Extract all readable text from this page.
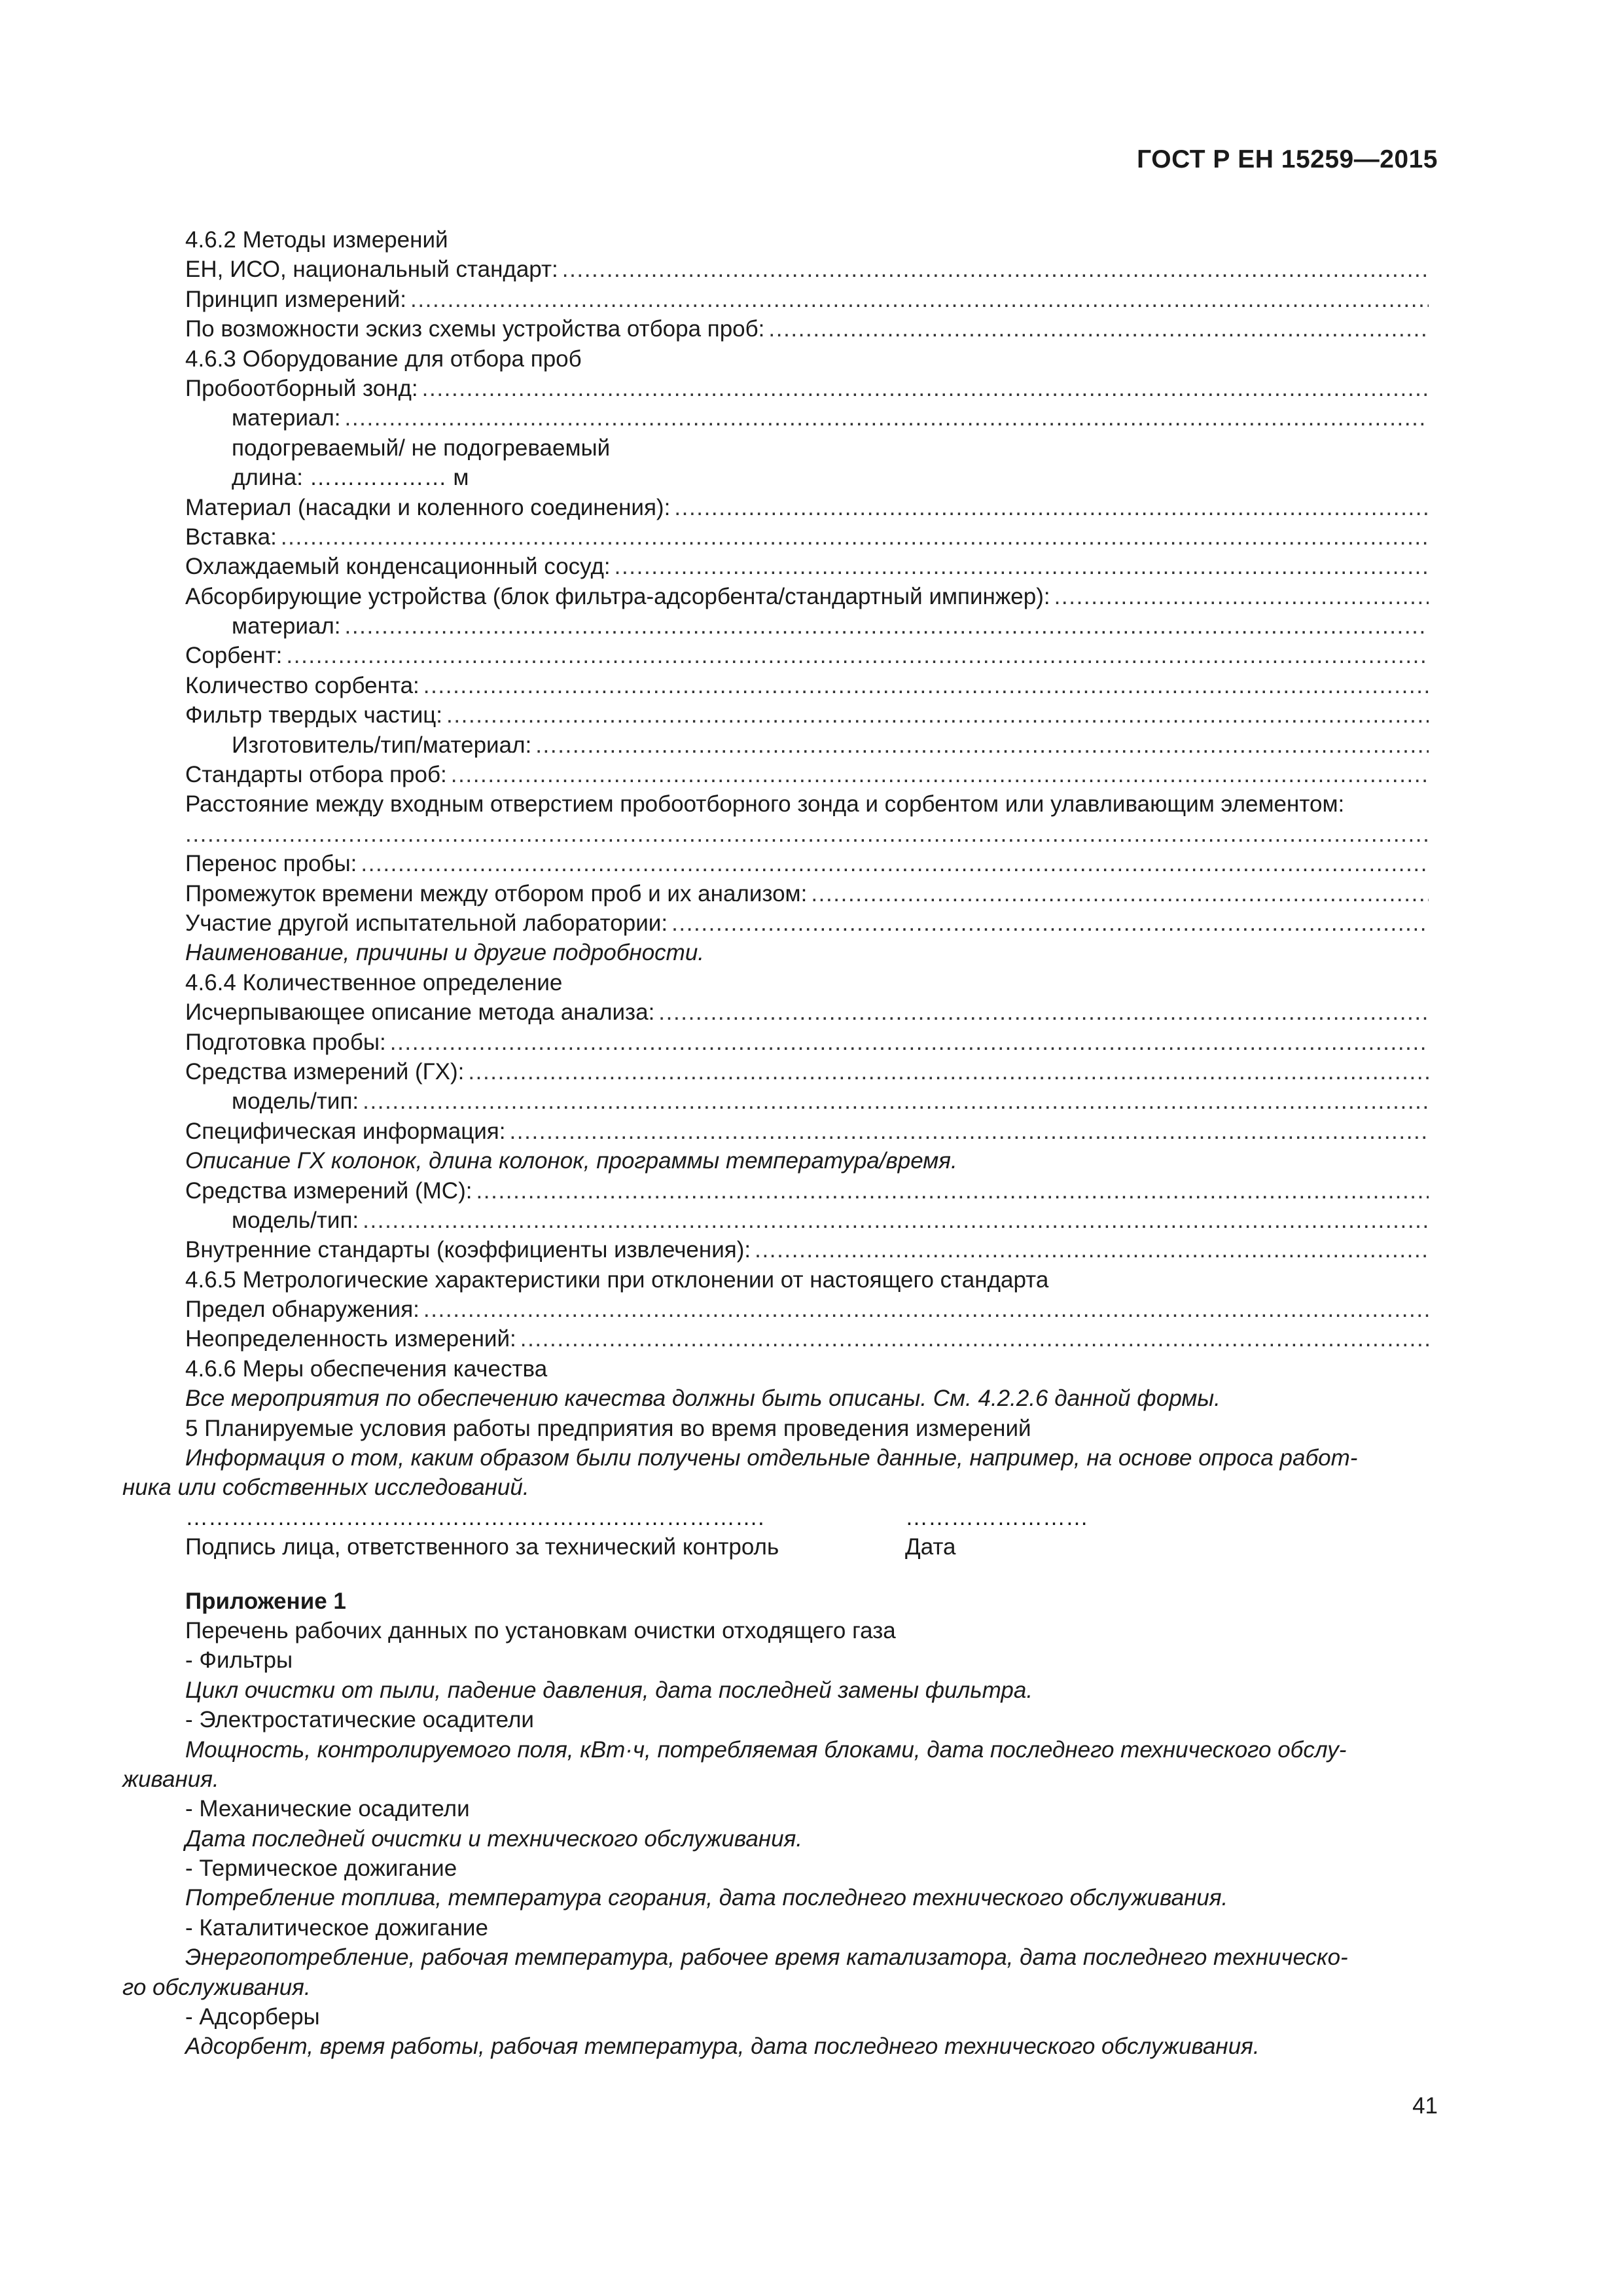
ГОСТ Р ЕН 15259—2015
4.6.2 Методы измерений
ЕН, ИСО, национальный стандарт:
.....
Принцип измерений:
.....
По возможности эскиз схемы устройства отбора проб:
.....
4.6.3 Оборудование для отбора проб
Пробоотборный зонд:
.....
материал:
.....
подогреваемый/ не подогреваемый
длина: ……………… м
Материал (насадки и коленного соединения):
.....
Вставка:
.....
Охлаждаемый конденсационный сосуд:
.....
Абсорбирующие устройства (блок фильтра-адсорбента/стандартный импинжер):
.....
материал:
.....
Сорбент:
.....
Количество сорбента:
.....
Фильтр твердых частиц:
.....
Изготовитель/тип/материал:
.....
Стандарты отбора проб:
.....
Расстояние между входным отверстием пробоотборного зонда и сорбентом или улавливающим элементом:
.....
Перенос пробы:
.....
Промежуток времени между отбором проб и их анализом:
.....
Участие другой испытательной лаборатории:
.....
Наименование, причины и другие подробности.
4.6.4 Количественное определение
Исчерпывающее описание метода анализа:
.....
Подготовка пробы:
.....
Средства измерений (ГХ):
.....
модель/тип:
.....
Специфическая информация:
.....
Описание ГХ колонок, длина колонок, программы температура/время.
Средства измерений (МС):
.....
модель/тип:
.....
Внутренние стандарты (коэффициенты извлечения):
.....
4.6.5 Метрологические характеристики при отклонении от настоящего стандарта
Предел обнаружения:
.....
Неопределенность измерений:
.....
4.6.6 Меры обеспечения качества
Все мероприятия по обеспечению качества должны быть описаны. См. 4.2.2.6 данной формы.
5 Планируемые условия работы предприятия во время проведения измерений
Информация о том, каким образом были получены отдельные данные, например, на основе опроса работ-
ника или собственных исследований.
………………………………………………………………….	……………………
Подпись лица, ответственного за технический контроль	Дата
Приложение 1
Перечень рабочих данных по установкам очистки отходящего газа
- Фильтры
Цикл очистки от пыли, падение давления, дата последней замены фильтра.
- Электростатические осадители
Мощность, контролируемого поля, кВт·ч, потребляемая блоками, дата последнего технического обслу-
живания.
- Механические осадители
Дата последней очистки и технического обслуживания.
- Термическое дожигание
Потребление топлива, температура сгорания, дата последнего технического обслуживания.
- Каталитическое дожигание
Энергопотребление, рабочая температура, рабочее время катализатора, дата последнего техническо-
го обслуживания.
- Адсорберы
Адсорбент, время работы, рабочая температура, дата последнего технического обслуживания.
41
